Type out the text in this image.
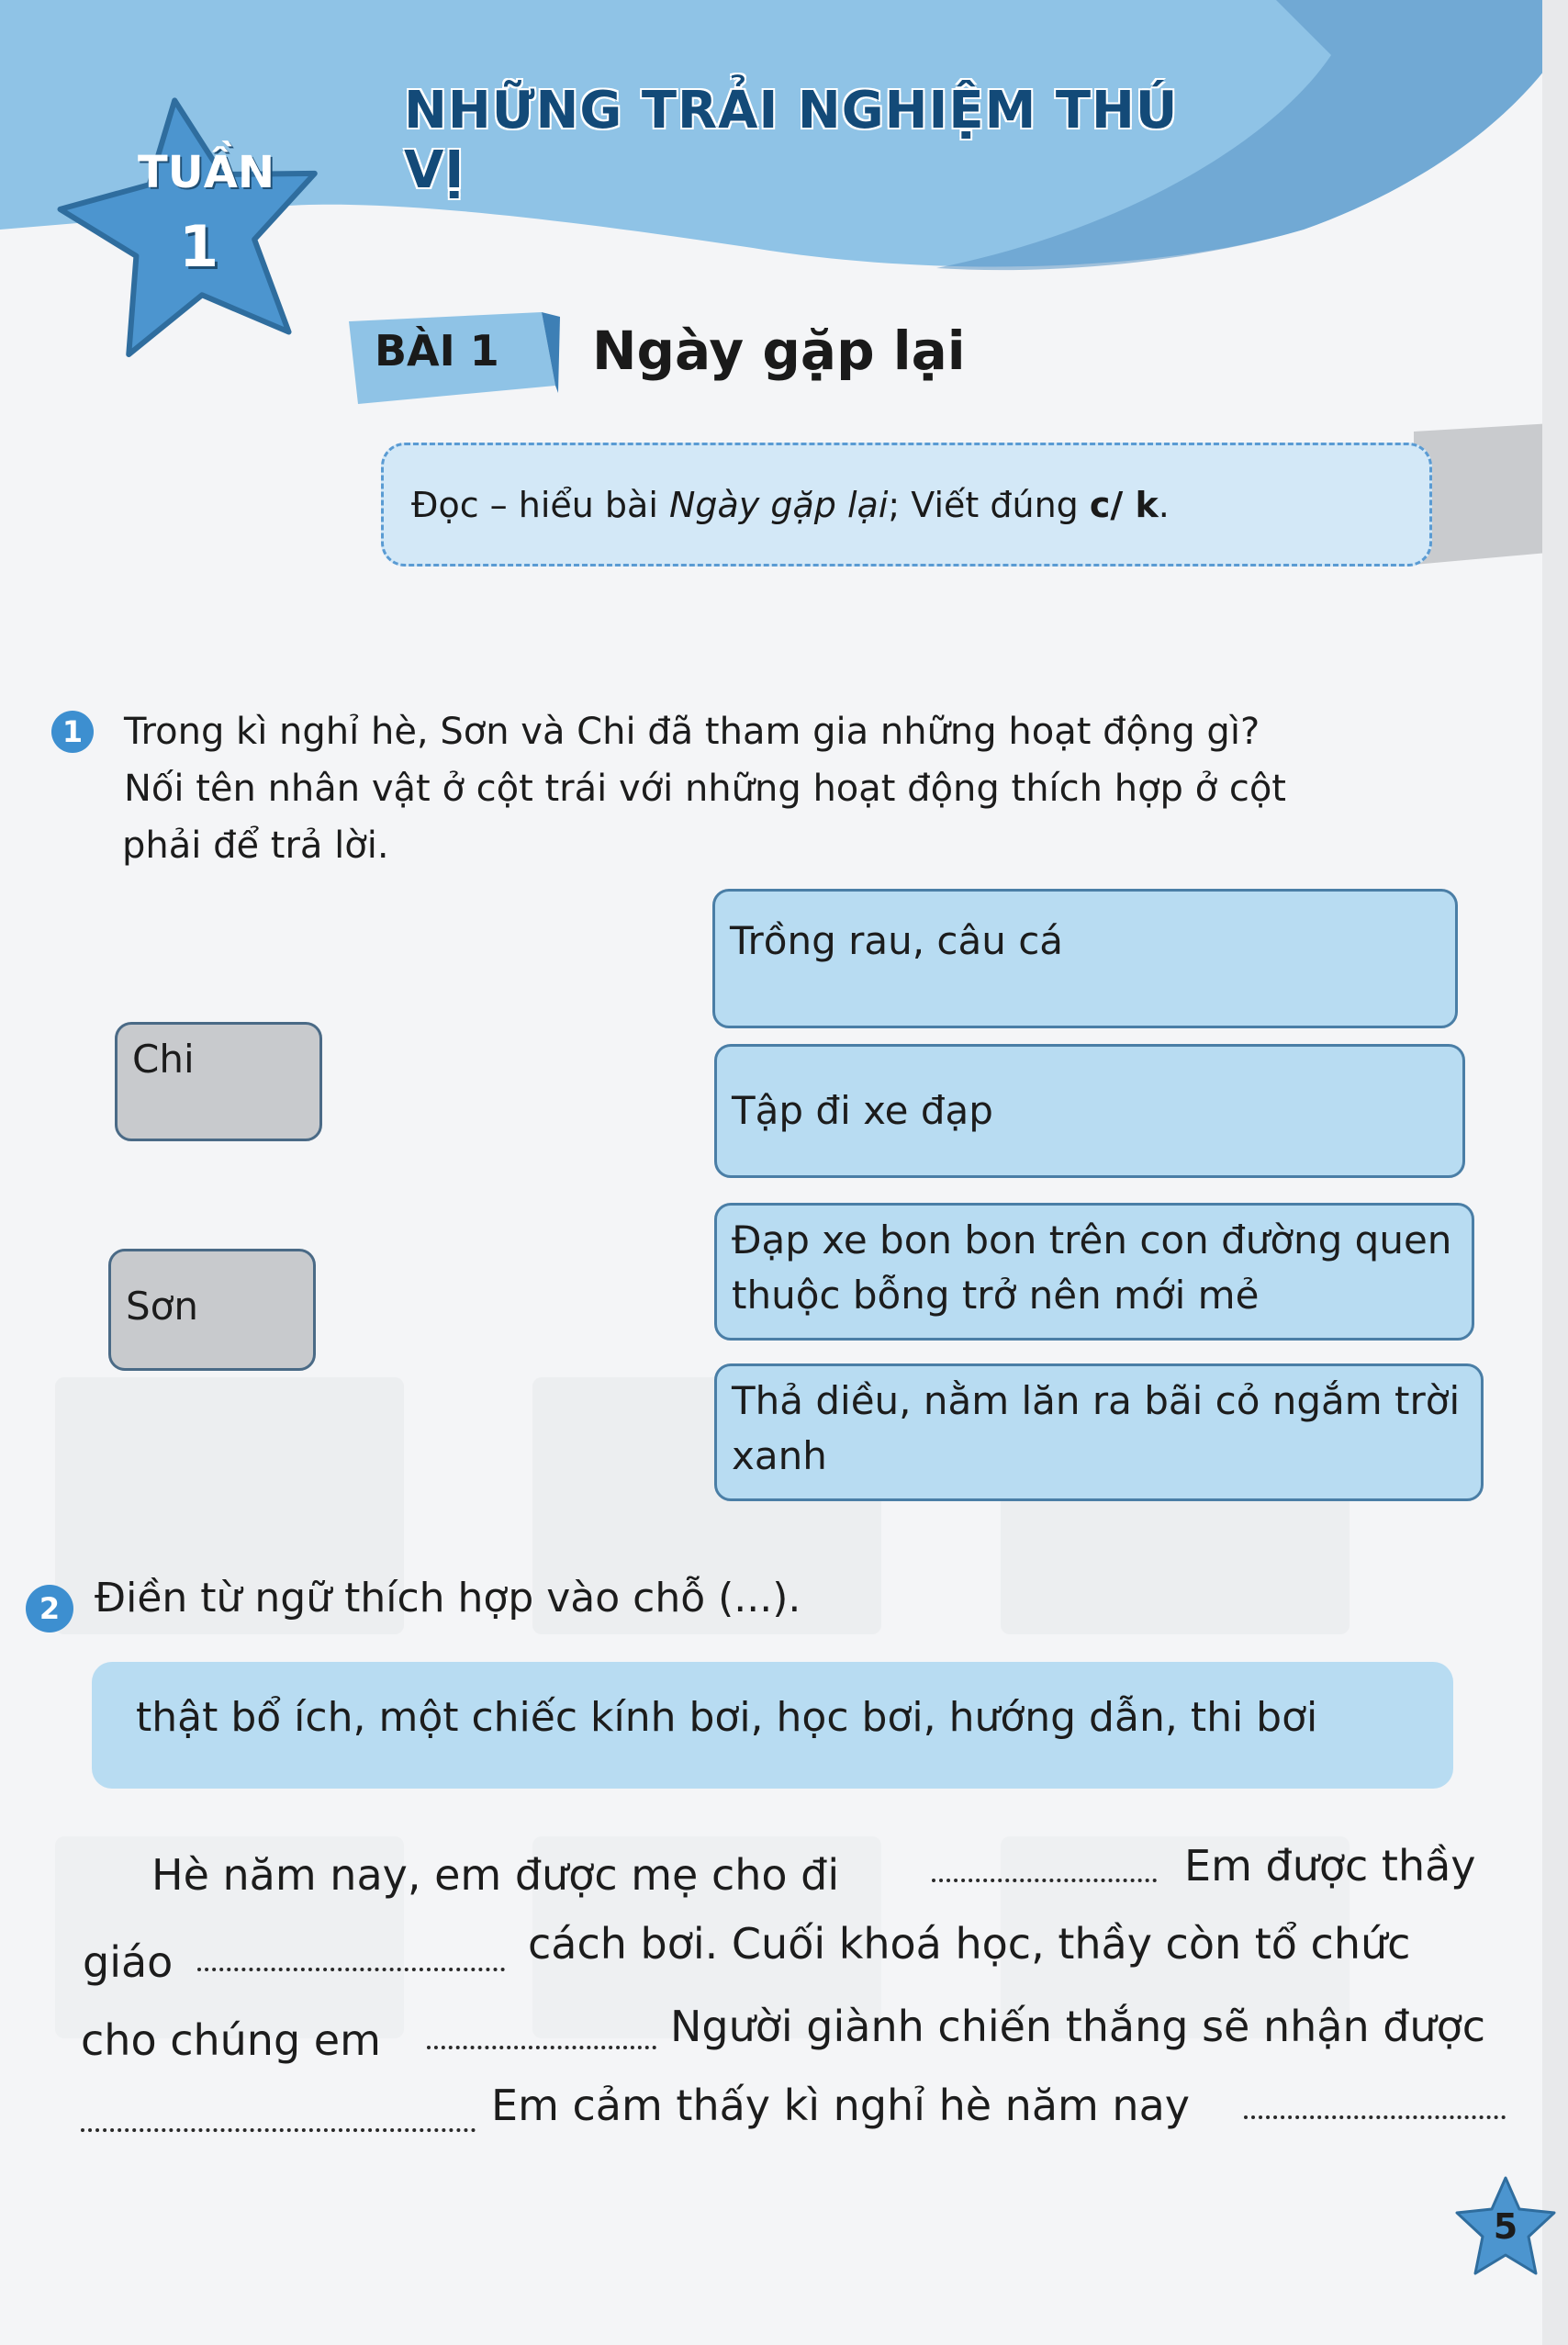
NHỮNG TRẢI NGHIỆM THÚ VỊ
TUẦN
1
BÀI 1 Ngày gặp lại
Đọc – hiểu bài Ngày gặp lại; Viết đúng c/ k.
1 Trong kì nghỉ hè, Sơn và Chi đã tham gia những hoạt động gì?
Nối tên nhân vật ở cột trái với những hoạt động thích hợp ở cột
phải để trả lời.
Chi
Sơn
Trồng rau, câu cá
Tập đi xe đạp
Đạp xe bon bon trên con đường quen thuộc bỗng trở nên mới mẻ
Thả diều, nằm lăn ra bãi cỏ ngắm trời xanh
2 Điền từ ngữ thích hợp vào chỗ (...).
thật bổ ích, một chiếc kính bơi, học bơi, hướng dẫn, thi bơi
Hè năm nay, em được mẹ cho đi	Em được thầy
giáo	cách bơi. Cuối khoá học, thầy còn tổ chức
cho chúng em	Người giành chiến thắng sẽ nhận được
Em cảm thấy kì nghỉ hè năm nay
5
